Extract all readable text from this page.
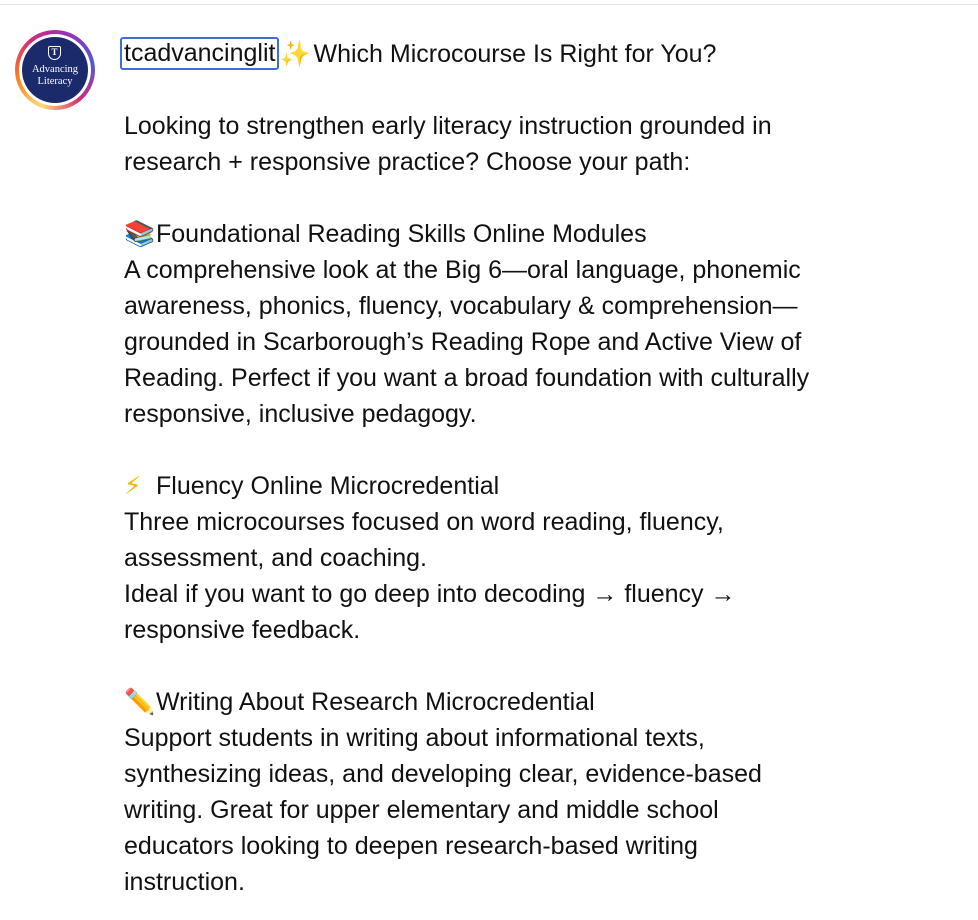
T
Advancing
Literacy
tcadvancinglit ✨ Which Microcourse Is Right for You?
Looking to strengthen early literacy instruction grounded in
research + responsive practice? Choose your path:
📚Foundational Reading Skills Online Modules
A comprehensive look at the Big 6—oral language, phonemic
awareness, phonics, fluency, vocabulary & comprehension—
grounded in Scarborough’s Reading Rope and Active View of
Reading. Perfect if you want a broad foundation with culturally
responsive, inclusive pedagogy.
⚡ Fluency Online Microcredential
Three microcourses focused on word reading, fluency,
assessment, and coaching.
Ideal if you want to go deep into decoding → fluency →
responsive feedback.
✏️Writing About Research Microcredential
Support students in writing about informational texts,
synthesizing ideas, and developing clear, evidence-based
writing. Great for upper elementary and middle school
educators looking to deepen research-based writing
instruction.
